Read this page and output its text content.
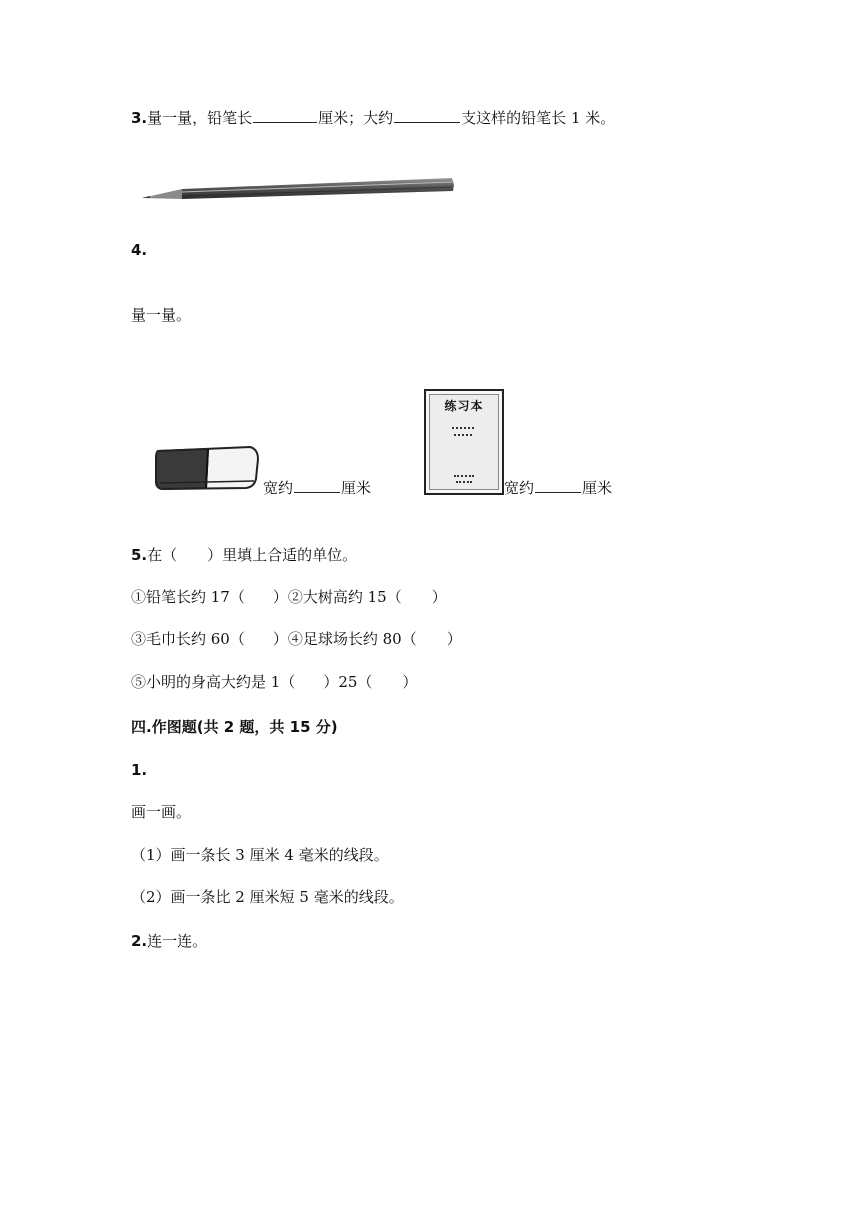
3.量一量，铅笔长	厘米；大约	支这样的铅笔长 1 米。
4.
量一量。
宽约	厘米
练习本
宽约	厘米
5.在（ ）里填上合适的单位。
①铅笔长约 17（ ）②大树高约 15（ ）
③毛巾长约 60（ ）④足球场长约 80（ ）
⑤小明的身高大约是 1（ ）25（ ）
四.作图题(共 2 题，共 15 分)
1.
画一画。
（1）画一条长 3 厘米 4 毫米的线段。
（2）画一条比 2 厘米短 5 毫米的线段。
2.连一连。
